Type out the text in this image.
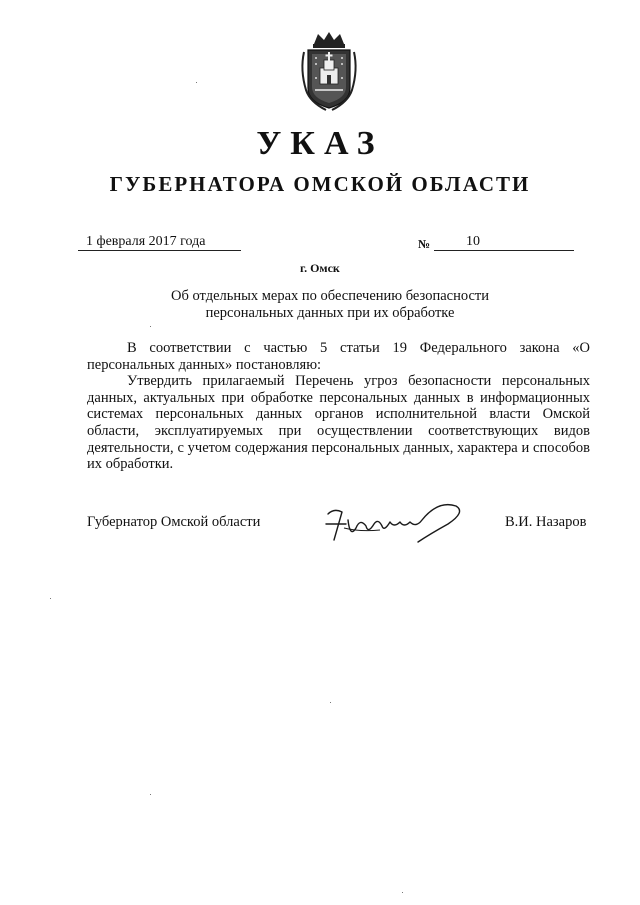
УКАЗ
ГУБЕРНАТОРА ОМСКОЙ ОБЛАСТИ
1 февраля 2017 года	№	10
г. Омск
Об отдельных мерах по обеспечению безопасности
персональных данных при их обработке

В соответствии с частью 5 статьи 19 Федерального закона «О персональных данных» постановляю:

Утвердить прилагаемый Перечень угроз безопасности персональных данных, актуальных при обработке персональных данных в информационных системах персональных данных органов исполнительной власти Омской области, эксплуатируемых при осуществлении соответствующих видов деятельности, с учетом содержания персональных данных, характера и способов их обработки.

Губернатор Омской области	В.И. Назаров
